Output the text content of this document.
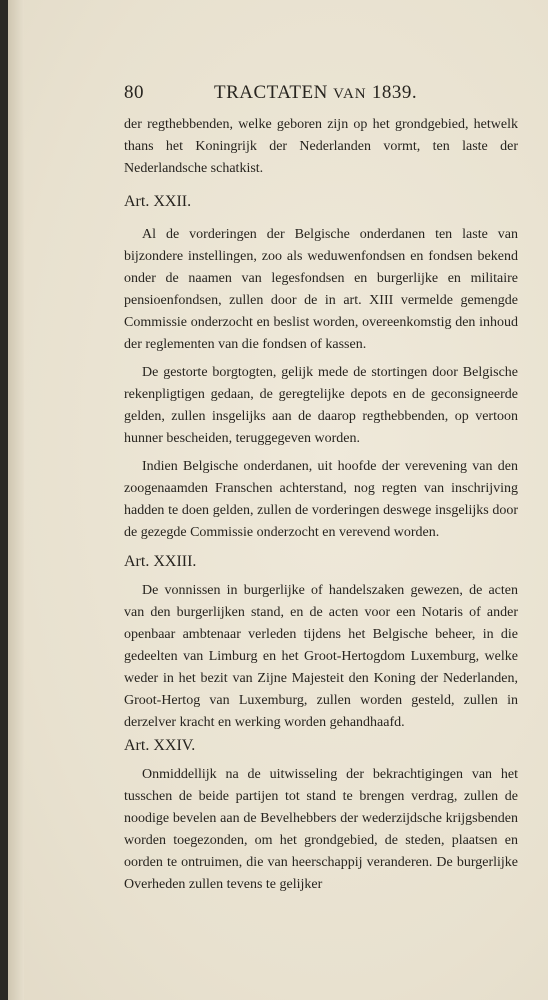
80	TRACTATEN VAN 1839.

der regthebbenden, welke geboren zijn op het grondgebied, hetwelk thans het Koningrijk der Nederlanden vormt, ten laste der Nederlandsche schatkist.

Art. XXII.

Al de vorderingen der Belgische onderdanen ten laste van bijzondere instellingen, zoo als weduwenfondsen en fondsen bekend onder de naamen van legesfondsen en burgerlijke en militaire pensioenfondsen, zullen door de in art. XIII vermelde gemengde Commissie onderzocht en beslist worden, overeenkomstig den inhoud der reglementen van die fondsen of kassen.

De gestorte borgtogten, gelijk mede de stortingen door Belgische rekenpligtigen gedaan, de geregtelijke depots en de geconsigneerde gelden, zullen insgelijks aan de daarop regthebbenden, op vertoon hunner bescheiden, teruggegeven worden.

Indien Belgische onderdanen, uit hoofde der verevening van den zoogenaamden Franschen achterstand, nog regten van inschrijving hadden te doen gelden, zullen de vorderingen deswege insgelijks door de gezegde Commissie onderzocht en verevend worden.

Art. XXIII.

De vonnissen in burgerlijke of handelszaken gewezen, de acten van den burgerlijken stand, en de acten voor een Notaris of ander openbaar ambtenaar verleden tijdens het Belgische beheer, in die gedeelten van Limburg en het Groot-Hertogdom Luxemburg, welke weder in het bezit van Zijne Majesteit den Koning der Nederlanden, Groot-Hertog van Luxemburg, zullen worden gesteld, zullen in derzelver kracht en werking worden gehandhaafd.

Art. XXIV.

Onmiddellijk na de uitwisseling der bekrachtigingen van het tusschen de beide partijen tot stand te brengen verdrag, zullen de noodige bevelen aan de Bevelhebbers der wederzijdsche krijgsbenden worden toegezonden, om het grondgebied, de steden, plaatsen en oorden te ontruimen, die van heerschappij veranderen. De burgerlijke Overheden zullen tevens te gelijker
